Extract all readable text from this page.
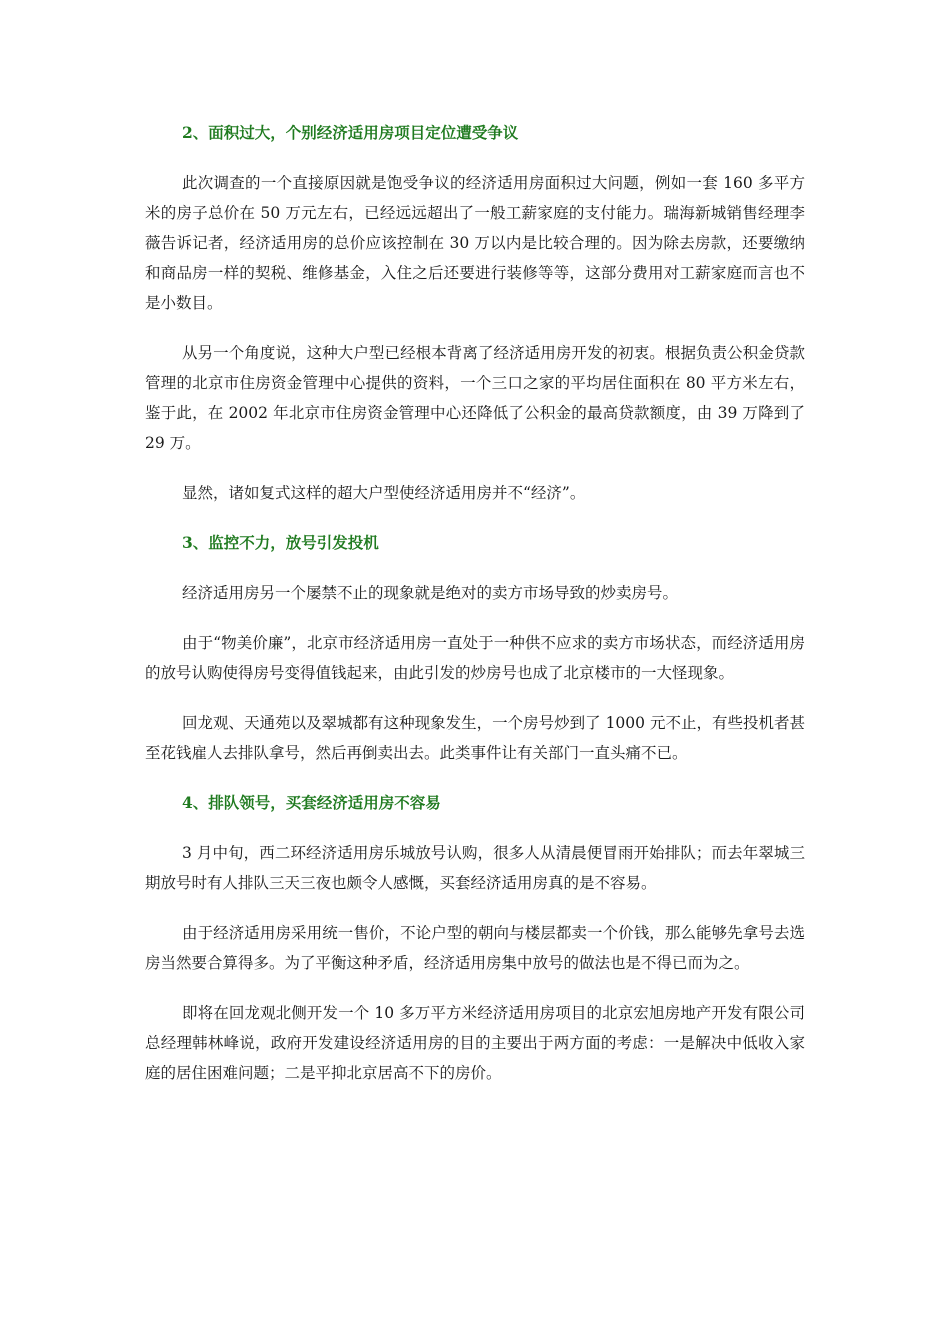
2、面积过大，个别经济适用房项目定位遭受争议

此次调查的一个直接原因就是饱受争议的经济适用房面积过大问题，例如一套 160 多平方米的房子总价在 50 万元左右，已经远远超出了一般工薪家庭的支付能力。瑞海新城销售经理李薇告诉记者，经济适用房的总价应该控制在 30 万以内是比较合理的。因为除去房款，还要缴纳和商品房一样的契税、维修基金，入住之后还要进行装修等等，这部分费用对工薪家庭而言也不是小数目。

从另一个角度说，这种大户型已经根本背离了经济适用房开发的初衷。根据负责公积金贷款管理的北京市住房资金管理中心提供的资料，一个三口之家的平均居住面积在 80 平方米左右，鉴于此，在 2002 年北京市住房资金管理中心还降低了公积金的最高贷款额度，由 39 万降到了 29 万。

显然，诸如复式这样的超大户型使经济适用房并不“经济”。

3、监控不力，放号引发投机

经济适用房另一个屡禁不止的现象就是绝对的卖方市场导致的炒卖房号。

由于“物美价廉”，北京市经济适用房一直处于一种供不应求的卖方市场状态，而经济适用房的放号认购使得房号变得值钱起来，由此引发的炒房号也成了北京楼市的一大怪现象。

回龙观、天通苑以及翠城都有这种现象发生，一个房号炒到了 1000 元不止，有些投机者甚至花钱雇人去排队拿号，然后再倒卖出去。此类事件让有关部门一直头痛不已。

4、排队领号，买套经济适用房不容易

3 月中旬，西二环经济适用房乐城放号认购，很多人从清晨便冒雨开始排队；而去年翠城三期放号时有人排队三天三夜也颇令人感慨，买套经济适用房真的是不容易。

由于经济适用房采用统一售价，不论户型的朝向与楼层都卖一个价钱，那么能够先拿号去选房当然要合算得多。为了平衡这种矛盾，经济适用房集中放号的做法也是不得已而为之。

即将在回龙观北侧开发一个 10 多万平方米经济适用房项目的北京宏旭房地产开发有限公司总经理韩林峰说，政府开发建设经济适用房的目的主要出于两方面的考虑：一是解决中低收入家庭的居住困难问题；二是平抑北京居高不下的房价。
